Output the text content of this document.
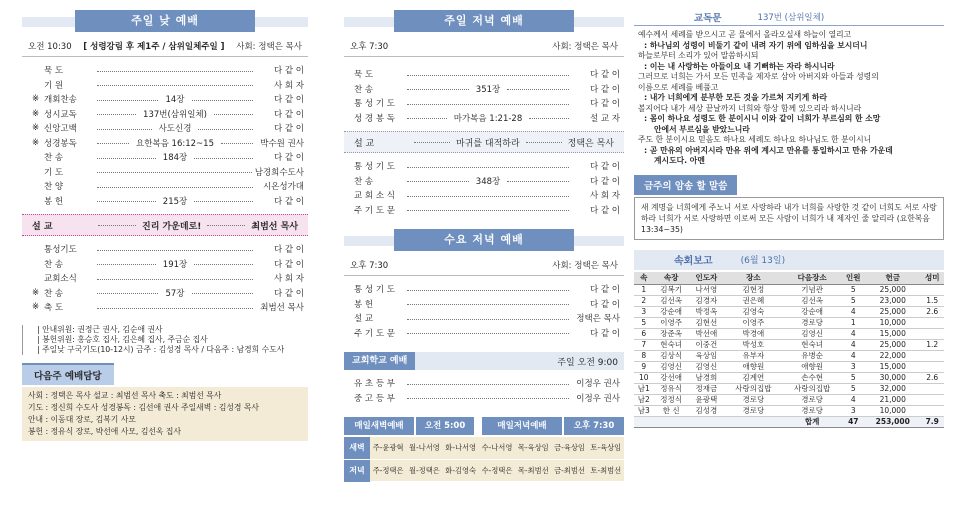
주일 낮 예배
오전 10:30	[ 성령강림 후 제1주 / 삼위일체주일 ]	사회: 정택은 목사
묵 도	다 같 이
기 원	사 회 자
※ 개회찬송	14장	다 같 이
※ 성시교독	137번(삼위일체)	다 같 이
※ 신앙고백	사도신경	다 같 이
※ 성경봉독	요한복음 16:12~15	박수원 권사
찬 송	184장	다 같 이
기 도	남경희수도사
찬 양	시온성가대
봉 헌	215장	다 같 이
설 교	진리 가운데로!	최범선 목사
통성기도	다 같 이
찬 송	191장	다 같 이
교회소식	사 회 자
※ 찬 송	57장	다 같 이
※ 축 도	최범선 목사
| 안내위원: 권정근 권사, 김순애 권사
| 봉헌위원: 홍승호 집사, 김은혜 집사, 주금순 집사
| 주일낮 구국기도(10-12시) 금주 : 김성경 목사 / 다음주 : 남경희 수도사
다음주 예배담당
사회 : 정택은 목사 설교 : 최범선 목사 축도 : 최범선 목사
기도 : 정신희 수도사 성경봉독 : 김선애 권사 주일새벽 : 김성경 목사
안내 : 이동대 장로, 김복기 사모
봉헌 : 정유식 장로, 박선애 사모, 김선옥 집사
주일 저녁 예배
오후 7:30	사회: 정택은 목사
묵 도	다 같 이
찬 송	351장	다 같 이
통 성 기 도	다 같 이
성 경 봉 독	마가복음 1:21-28	설 교 자
설 교	마귀를 대적하라	정택은 목사
통 성 기 도	다 같 이
찬 송	348장	다 같 이
교 회 소 식	사 회 자
주 기 도 문	다 같 이
수요 저녁 예배
오후 7:30	사회: 정택은 목사
통 성 기 도	다 같 이
봉 헌	다 같 이
설 교	정택은 목사
주 기 도 문	다 같 이
교회학교 예배	주일 오전 9:00
유 초 등 부	이정우 권사
중 고 등 부	이정우 권사
매일새벽예배	오전 5:00	매일저녁예배	오후 7:30
새벽	주-윤광혁 월-나서영 화-나서영 수-나서영 목-육상임 금-육상임 토-육상임
저녁	주-정택은 월-정택은 화-김영숙 수-정택은 목-최범선 금-최범선 토-최범선
교독문	137번 (삼위일체)
예수께서 세례를 받으시고 곧 물에서 올라오실새 하늘이 열리고
: 하나님의 성령이 비둘기 같이 내려 자기 위에 임하심을 보시더니
하늘로부터 소리가 있어 말씀하시되
: 이는 내 사랑하는 아들이요 내 기뻐하는 자라 하시니라
그러므로 너희는 가서 모든 민족을 제자로 삼아 아버지와 아들과 성령의
이름으로 세례를 베풀고
: 내가 너희에게 분부한 모든 것을 가르쳐 지키게 하라
볼지어다 내가 세상 끝날까지 너희와 항상 함께 있으리라 하시니라
: 몸이 하나요 성령도 한 분이시니 이와 같이 너희가 부르심의 한 소망
안에서 부르심을 받았느니라
주도 한 분이시요 믿음도 하나요 세례도 하나요 하나님도 한 분이시니
: 곧 만유의 아버지시라 만유 위에 계시고 만유를 통일하시고 만유 가운데
계시도다. 아멘
금주의 암송 할 말씀
새 계명을 너희에게 주노니 서로 사랑하라 내가 너희를 사랑한 것 같이 너희도 서로 사랑하라 너희가 서로 사랑하면 이로써 모든 사람이 너희가 내 제자인 줄 알리라 (요한복음 13:34~35)
속회보고	(6월 13일)
속	속장	인도자	장소	다음장소	인원	헌금	성미
1	김복기	나서영	김현정	기념관	5	25,000	
2	김선옥	김경자	권은혜	김선옥	5	23,000	1.5
3	강순애	박정옥	김영숙	강순애	4	25,000	2.6
5	이영주	김현선	이영주	경로당	1	10,000	
6	장준옥	박선애	박경애	김영신	4	15,000	
7	현숙녀	이중건	박성호	현숙녀	4	25,000	1.2
8	김상식	육상임	유부자	유병순	4	22,000	
9	김영신	김영신	애향원	애향원	3	15,000	
10	강선애	남경희	김계연	손수현	5	30,000	2.6
남1	정유식	정재금	사랑의집밥	사랑의집밥	5	32,000	
남2	정정식	윤광택	경로당	경로당	4	21,000	
남3	한 신	김성경	경로당	경로당	3	10,000	
				합계	47	253,000	7.9
